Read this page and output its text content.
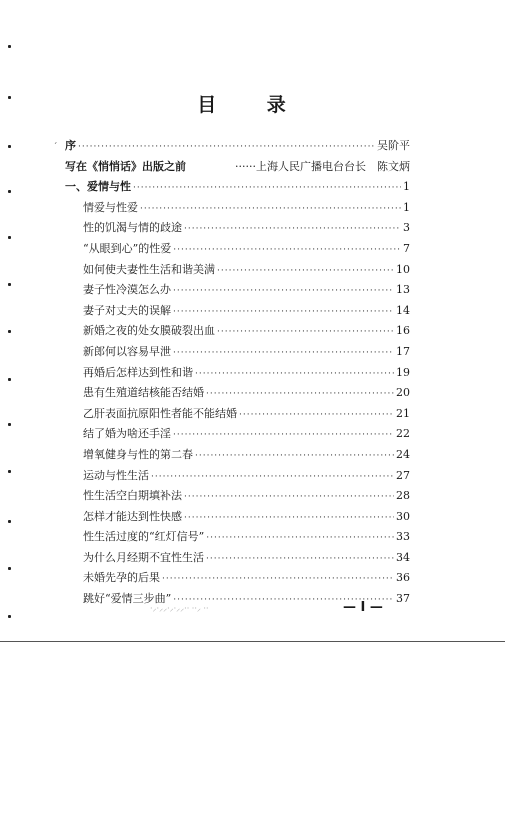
ˊ
目 录
序 ·····	吴阶平
写在《悄悄话》出版之前	······上海人民广播电台台长　陈文炳
一、爱情与性 ·····	1
情爱与性爱 ·····	1
性的饥渴与情的歧途 ·····	3
“从眼到心”的性爱 ·····	7
如何使夫妻性生活和谐美满 ·····	10
妻子性冷漠怎么办 ·····	13
妻子对丈夫的误解 ·····	14
新婚之夜的处女膜破裂出血 ·····	16
新郎何以容易早泄 ·····	17
再婚后怎样达到性和谐 ·····	19
患有生殖道结核能否结婚 ·····	20
乙肝表面抗原阳性者能不能结婚 ·····	21
结了婚为啥还手淫 ·····	22
增氧健身与性的第二春 ·····	24
运动与性生活 ·····	27
性生活空白期填补法 ·····	28
怎样才能达到性快感 ·····	30
性生活过度的“红灯信号” ·····	33
为什么月经期不宜性生活 ·····	34
未婚先孕的后果 ·····	36
跳好“爱情三步曲” ·····	37
·⸝·⸝⸝·⸝·⸝⸝·· ··⸝ ··	— I —
